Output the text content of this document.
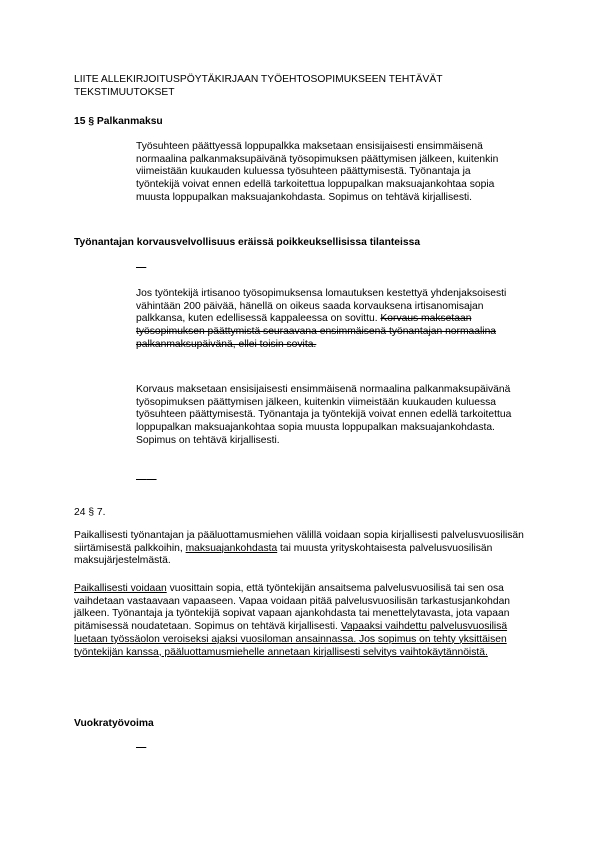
LIITE ALLEKIRJOITUSPÖYTÄKIRJAAN TYÖEHTOSOPIMUKSEEN TEHTÄVÄT TEKSTIMUUTOKSET

15 § Palkanmaksu

Työsuhteen päättyessä loppupalkka maksetaan ensisijaisesti ensimmäisenä normaalina palkanmaksupäivänä työsopimuksen päättymisen jälkeen, kuitenkin viimeistään kuukauden kuluessa työsuhteen päättymisestä. Työnantaja ja työntekijä voivat ennen edellä tarkoitettua loppupalkan maksuajankohtaa sopia muusta loppupalkan maksuajankohdasta. Sopimus on tehtävä kirjallisesti.

Työnantajan korvausvelvollisuus eräissä poikkeuksellisissa tilanteissa

—

Jos työntekijä irtisanoo työsopimuksensa lomautuksen kestettyä yhdenjaksoisesti vähintään 200 päivää, hänellä on oikeus saada korvauksena irtisanomisajan palkkansa, kuten edellisessä kappaleessa on sovittu. Korvaus maksetaan työsopimuksen päättymistä seuraavana ensimmäisenä työnantajan normaalina palkanmaksupäivänä, ellei toisin sovita.

Korvaus maksetaan ensisijaisesti ensimmäisenä normaalina palkanmaksupäivänä työsopimuksen päättymisen jälkeen, kuitenkin viimeistään kuukauden kuluessa työsuhteen päättymisestä. Työnantaja ja työntekijä voivat ennen edellä tarkoitettua loppupalkan maksuajankohtaa sopia muusta loppupalkan maksuajankohdasta. Sopimus on tehtävä kirjallisesti.

——

24 § 7.

Paikallisesti työnantajan ja pääluottamusmiehen välillä voidaan sopia kirjallisesti palvelusvuosilisän siirtämisestä palkkoihin, maksuajankohdasta tai muusta yrityskohtaisesta palvelusvuosilisän maksujärjestelmästä.

Paikallisesti voidaan vuosittain sopia, että työntekijän ansaitsema palvelusvuosilisä tai sen osa vaihdetaan vastaavaan vapaaseen. Vapaa voidaan pitää palvelusvuosilisän tarkastusjankohdan jälkeen. Työnantaja ja työntekijä sopivat vapaan ajankohdasta tai menettelytavasta, jota vapaan pitämisessä noudatetaan. Sopimus on tehtävä kirjallisesti. Vapaaksi vaihdettu palvelusvuosilisä luetaan työssäolon veroiseksi ajaksi vuosiloman ansainnassa. Jos sopimus on tehty yksittäisen työntekijän kanssa, pääluottamusmiehelle annetaan kirjallisesti selvitys vaihtokäytännöistä.

Vuokratyövoima

—
